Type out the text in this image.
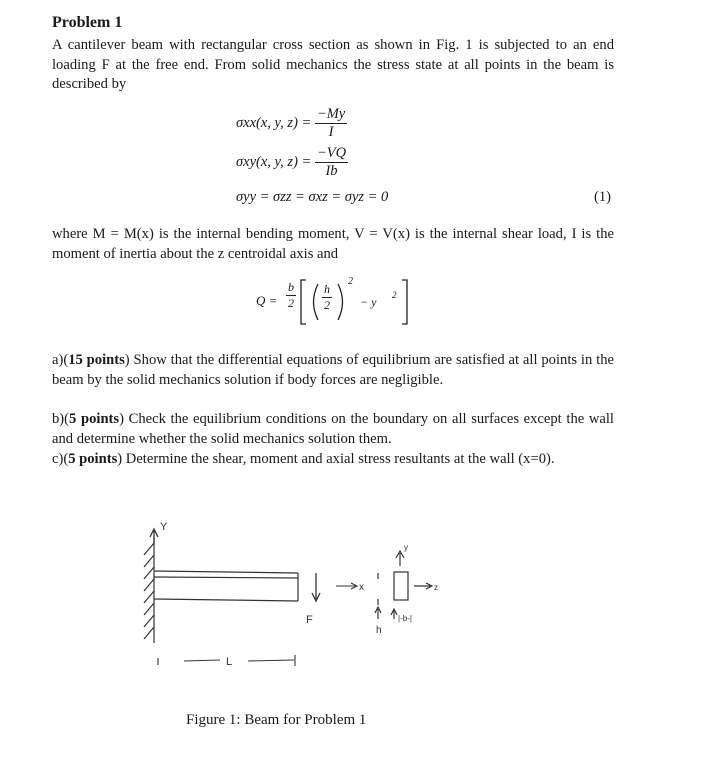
Problem 1
A cantilever beam with rectangular cross section as shown in Fig. 1 is subjected to an end loading F at the free end. From solid mechanics the stress state at all points in the beam is described by
σxx(x, y, $z) = \frac{-My}{I}$
σxy(x, y, $z) = \frac{-VQ}{Ib}$
σyy = σzz = σxz = σyz = 0	(1)
where M = M(x) is the internal bending moment, V = V(x) is the internal shear load, I is the moment of inertia about the z centroidal axis and
$Q = \frac{b}{2} \frac{h}{2}$
2
− y 2
a)(15 points) Show that the differential equations of equilibrium are satisfied at all points in the beam by the solid mechanics solution if body forces are negligible.
b)(5 points) Check the equilibrium conditions on the boundary on all surfaces except the wall and determine whether the solid mechanics solution them.
c)(5 points) Determine the shear, moment and axial stress resultants at the wall (x=0).
Y
F
x
L
y
z
h
|-b-|
Figure 1: Beam for Problem 1
